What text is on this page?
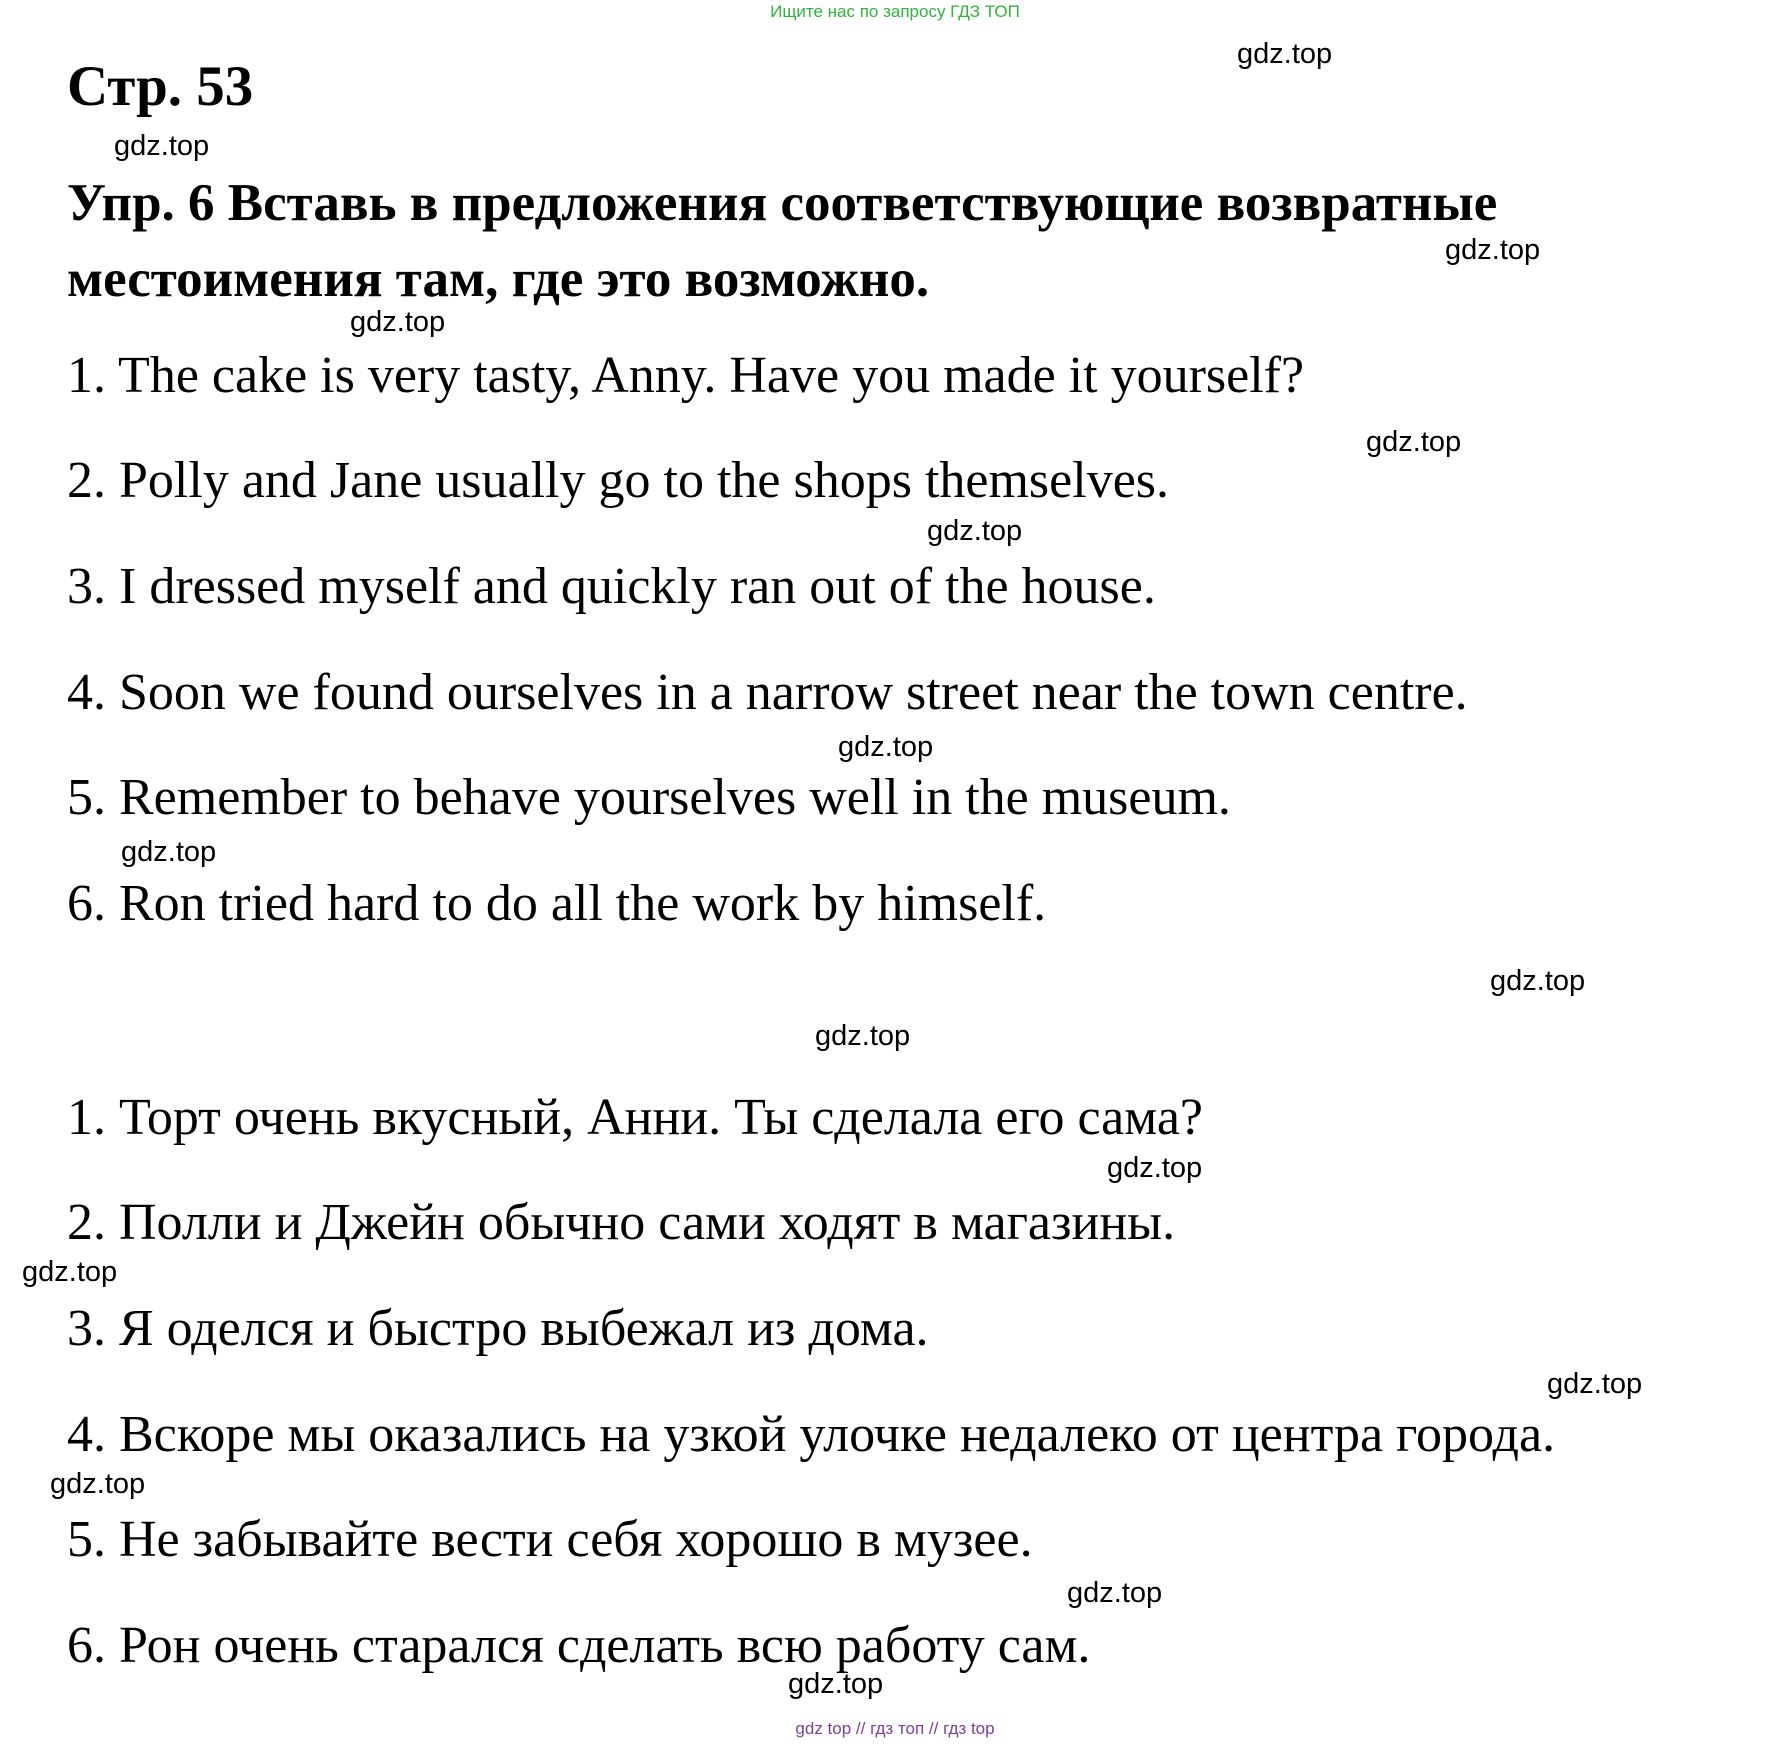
Ищите нас по запросу ГДЗ ТОП
Стр. 53
Упр. 6 Вставь в предложения соответствующие возвратные местоимения там, где это возможно.
1. The cake is very tasty, Anny. Have you made it yourself?
2. Polly and Jane usually go to the shops themselves.
3. I dressed myself and quickly ran out of the house.
4. Soon we found ourselves in a narrow street near the town centre.
5. Remember to behave yourselves well in the museum.
6. Ron tried hard to do all the work by himself.
1. Торт очень вкусный, Анни. Ты сделала его сама?
2. Полли и Джейн обычно сами ходят в магазины.
3. Я оделся и быстро выбежал из дома.
4. Вскоре мы оказались на узкой улочке недалеко от центра города.
5. Не забывайте вести себя хорошо в музее.
6. Рон очень старался сделать всю работу сам.
gdz.top
gdz.top
gdz.top
gdz.top
gdz.top
gdz.top
gdz.top
gdz.top
gdz.top
gdz.top
gdz.top
gdz.top
gdz.top
gdz.top
gdz.top
gdz.top
gdz top // гдз топ // гдз top
